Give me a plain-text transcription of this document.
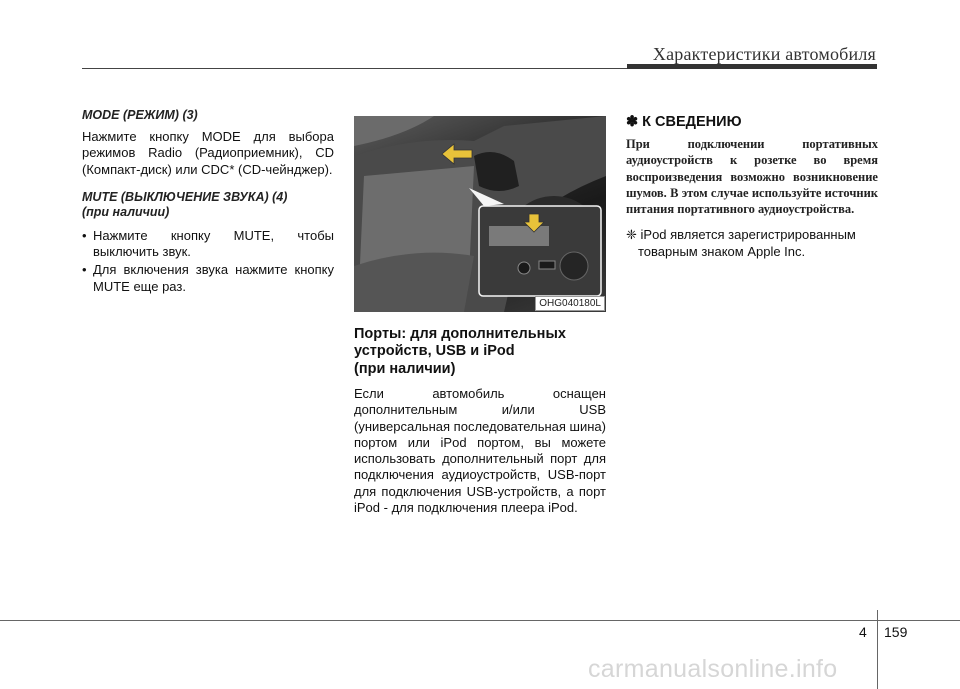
Характеристики автомобиля

MODE (РЕЖИМ) (3)

Нажмите кнопку MODE для выбора режимов Radio (Радиоприемник), CD (Компакт-диск) или CDC* (CD-чейнджер).

MUTE (ВЫКЛЮЧЕНИЕ ЗВУКА) (4)
(при наличии)

• Нажмите кнопку MUTE, чтобы выключить звук.
• Для включения звука нажмите кнопку MUTE еще раз.
OHG040180L
Порты: для дополнительных
устройств, USB и iPod
(при наличии)

Если автомобиль оснащен дополнительным и/или USB (универсальная последовательная шина) портом или iPod портом, вы можете использовать дополнительный порт для подключения аудиоустройств, USB-порт для подключения USB-устройств, а порт iPod - для подключения плеера iPod.

✽ К СВЕДЕНИЮ

При подключении портативных аудиоустройств к розетке во время воспроизведения возможно возникновение шумов. В этом случае используйте источник питания портативного аудиоустройства.

❈ iPod является зарегистрированным товарным знаком Apple Inc.

4 159
carmanualsonline.info
